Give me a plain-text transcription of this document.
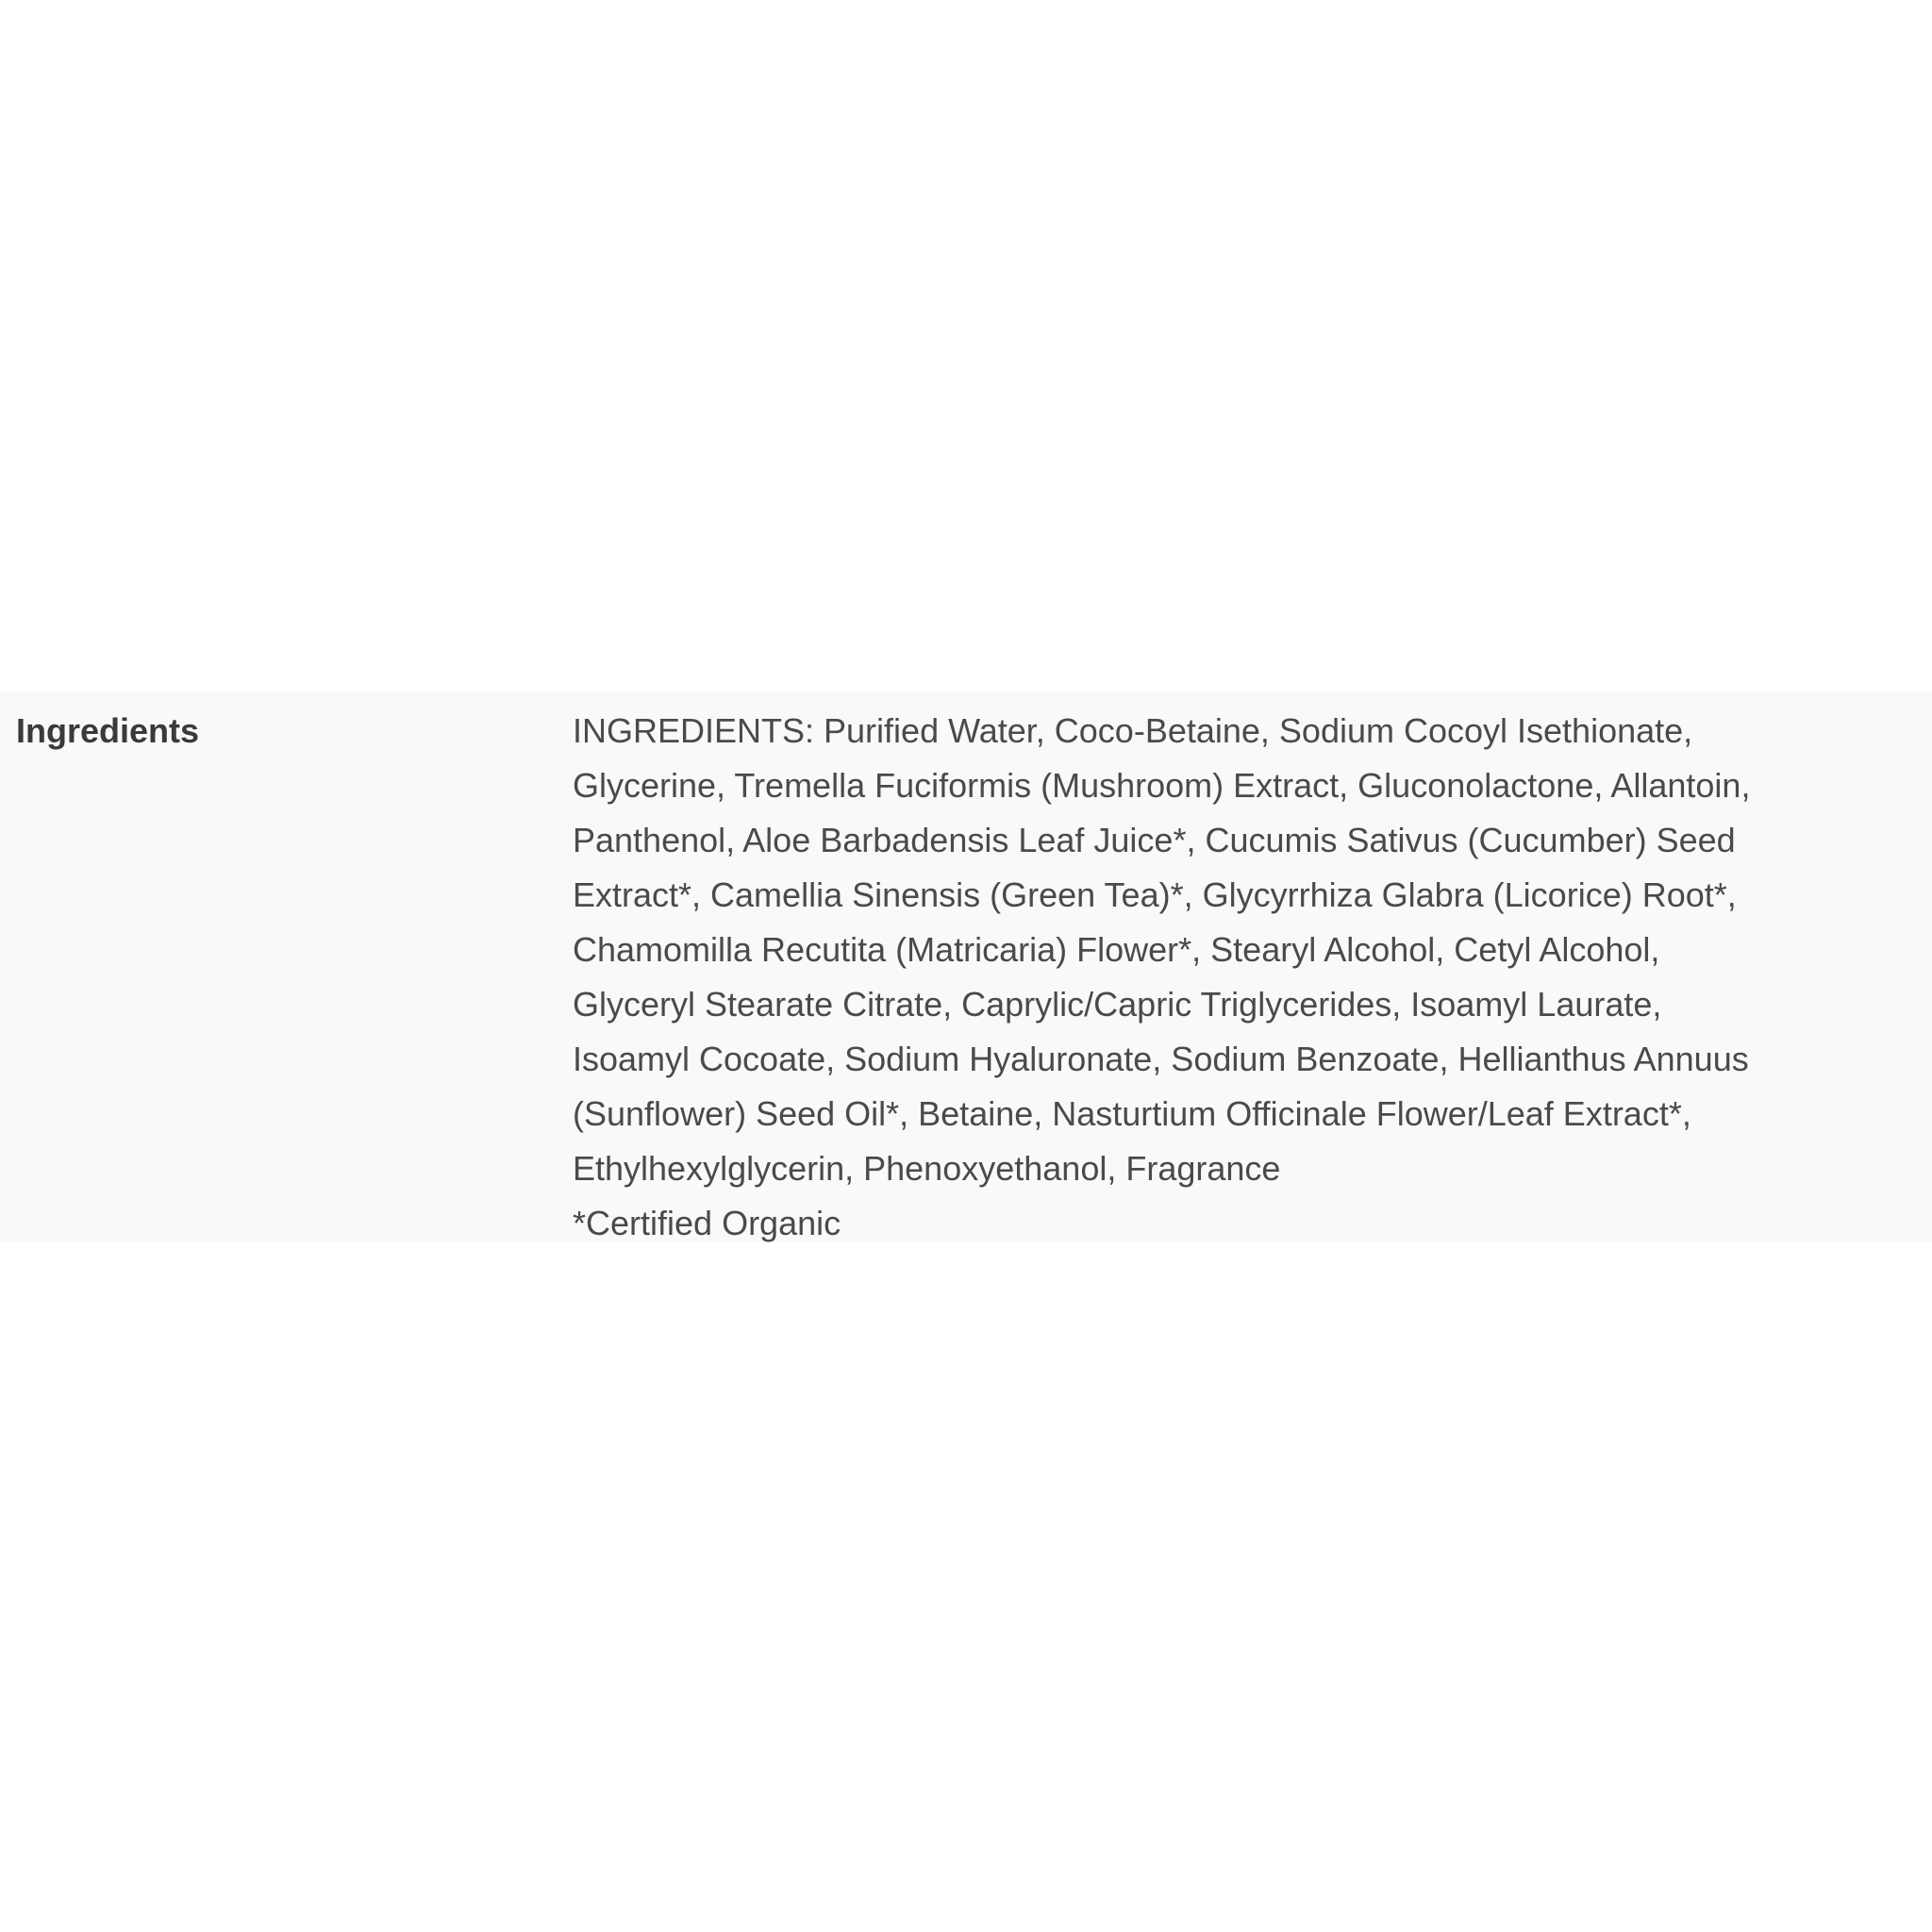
Ingredients	INGREDIENTS: Purified Water, Coco-Betaine, Sodium Cocoyl Isethionate,
Glycerine, Tremella Fuciformis (Mushroom) Extract, Gluconolactone, Allantoin,
Panthenol, Aloe Barbadensis Leaf Juice*, Cucumis Sativus (Cucumber) Seed
Extract*, Camellia Sinensis (Green Tea)*, Glycyrrhiza Glabra (Licorice) Root*,
Chamomilla Recutita (Matricaria) Flower*, Stearyl Alcohol, Cetyl Alcohol,
Glyceryl Stearate Citrate, Caprylic/Capric Triglycerides, Isoamyl Laurate,
Isoamyl Cocoate, Sodium Hyaluronate, Sodium Benzoate, Hellianthus Annuus
(Sunflower) Seed Oil*, Betaine, Nasturtium Officinale Flower/Leaf Extract*,
Ethylhexylglycerin, Phenoxyethanol, Fragrance
*Certified Organic
